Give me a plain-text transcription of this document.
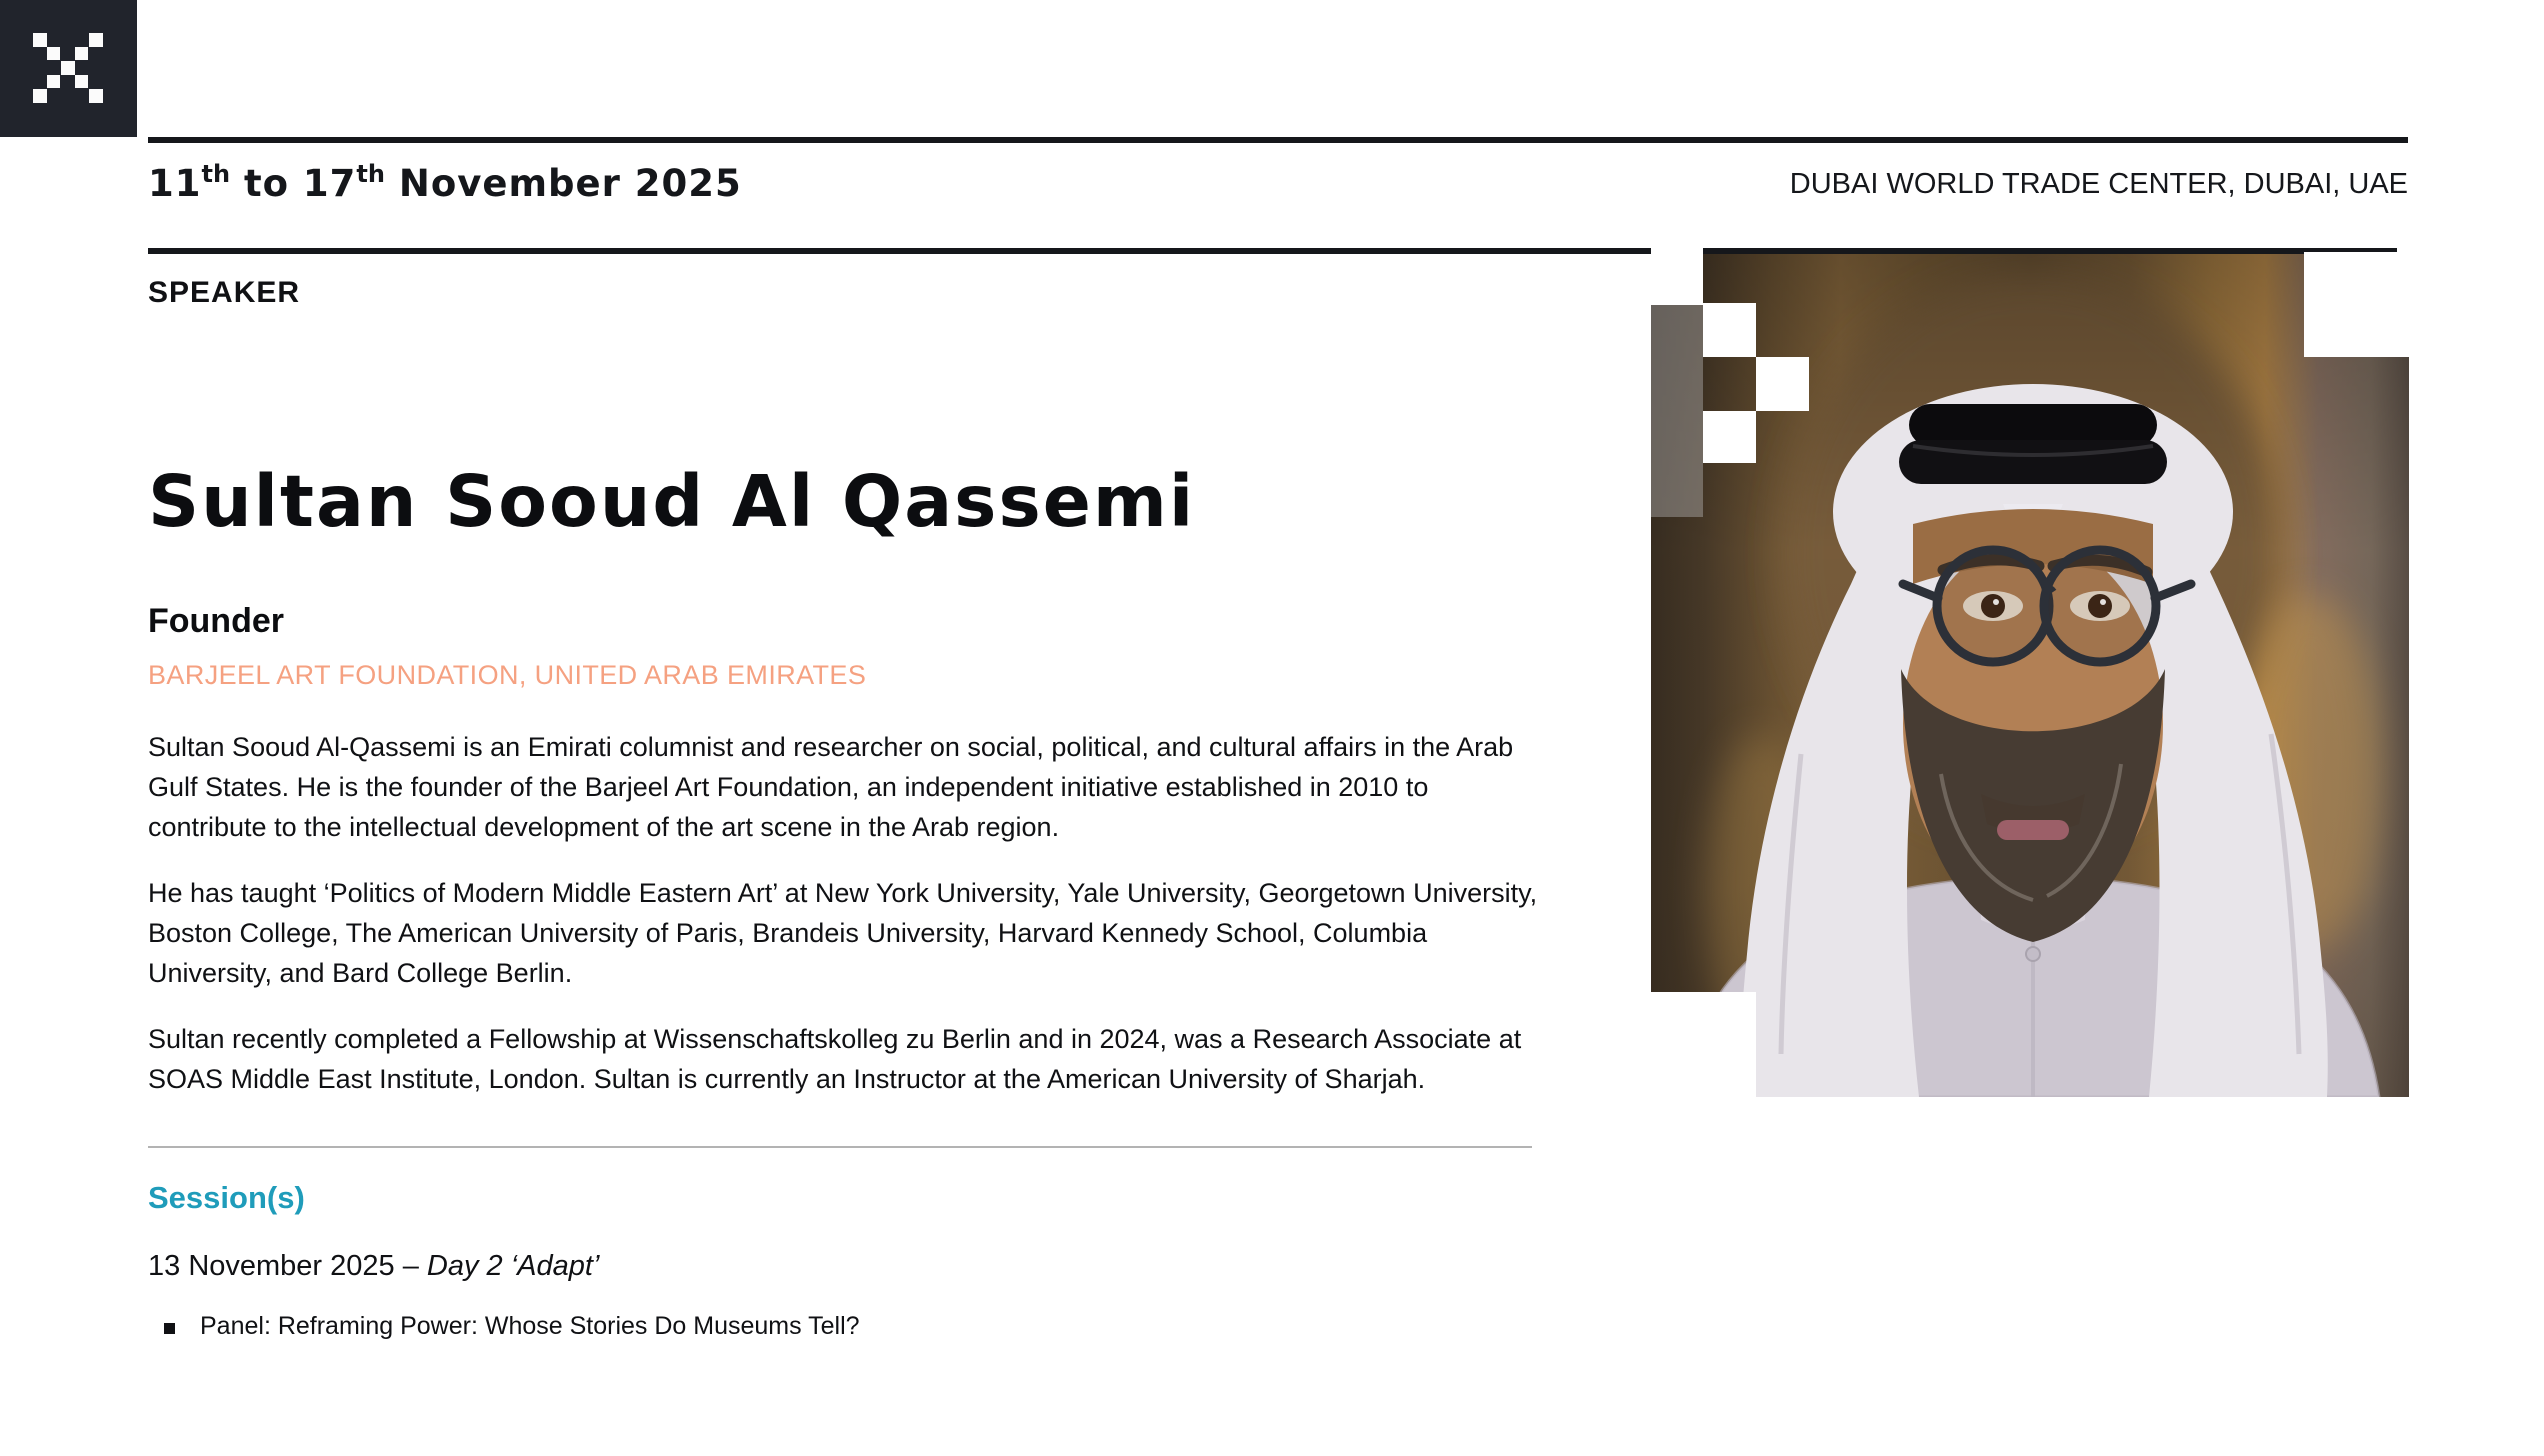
11th to 17th November 2025	DUBAI WORLD TRADE CENTER, DUBAI, UAE
SPEAKER
Sultan Sooud Al Qassemi
Founder
BARJEEL ART FOUNDATION, UNITED ARAB EMIRATES

Sultan Sooud Al-Qassemi is an Emirati columnist and researcher on social, political, and cultural affairs in the Arab Gulf States. He is the founder of the Barjeel Art Foundation, an independent initiative established in 2010 to contribute to the intellectual development of the art scene in the Arab region.

He has taught ‘Politics of Modern Middle Eastern Art’ at New York University, Yale University, Georgetown University, Boston College, The American University of Paris, Brandeis University, Harvard Kennedy School, Columbia University, and Bard College Berlin.

Sultan recently completed a Fellowship at Wissenschaftskolleg zu Berlin and in 2024, was a Research Associate at SOAS Middle East Institute, London. Sultan is currently an Instructor at the American University of Sharjah.

Session(s)
13 November 2025 – Day 2 ‘Adapt’
Panel: Reframing Power: Whose Stories Do Museums Tell?
